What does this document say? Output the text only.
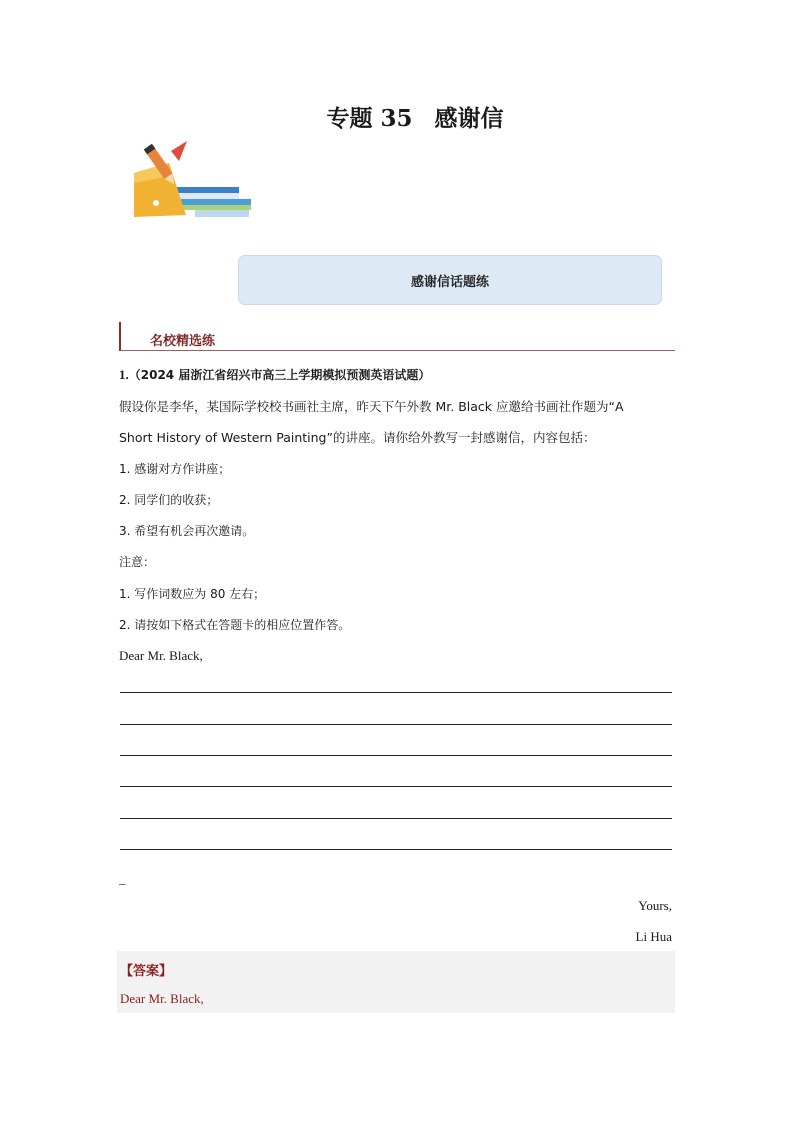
专题 35 感谢信
感谢信话题练
名校精选练
1.（2024 届浙江省绍兴市高三上学期模拟预测英语试题）
假设你是李华，某国际学校校书画社主席，昨天下午外教 Mr. Black 应邀给书画社作题为“A
Short History of Western Painting”的讲座。请你给外教写一封感谢信，内容包括：
1. 感谢对方作讲座；
2. 同学们的收获；
3. 希望有机会再次邀请。
注意：
1. 写作词数应为 80 左右；
2. 请按如下格式在答题卡的相应位置作答。
Dear Mr. Black,
_
Yours,
Li Hua
【答案】
Dear Mr. Black,
